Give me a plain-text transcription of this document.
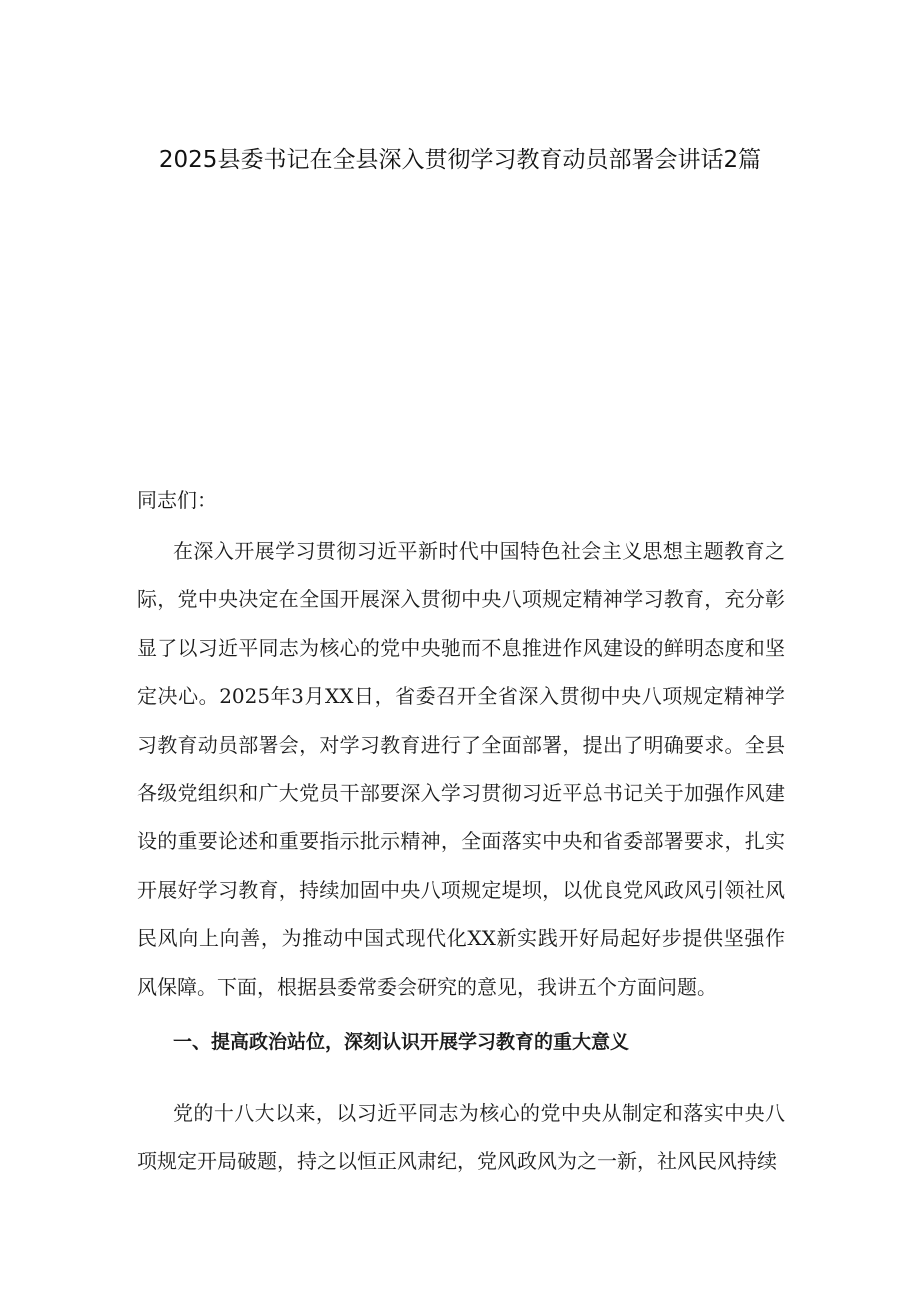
2025县委书记在全县深入贯彻学习教育动员部署会讲话2篇
同志们：
在深入开展学习贯彻习近平新时代中国特色社会主义思想主题教育之际，党中央决定在全国开展深入贯彻中央八项规定精神学习教育，充分彰显了以习近平同志为核心的党中央驰而不息推进作风建设的鲜明态度和坚定决心。2025年3月XX日，省委召开全省深入贯彻中央八项规定精神学习教育动员部署会，对学习教育进行了全面部署，提出了明确要求。全县各级党组织和广大党员干部要深入学习贯彻习近平总书记关于加强作风建设的重要论述和重要指示批示精神，全面落实中央和省委部署要求，扎实开展好学习教育，持续加固中央八项规定堤坝，以优良党风政风引领社风民风向上向善，为推动中国式现代化XX新实践开好局起好步提供坚强作风保障。下面，根据县委常委会研究的意见，我讲五个方面问题。
一、提高政治站位，深刻认识开展学习教育的重大意义
党的十八大以来，以习近平同志为核心的党中央从制定和落实中央八项规定开局破题，持之以恒正风肃纪，党风政风为之一新，社风民风持续
